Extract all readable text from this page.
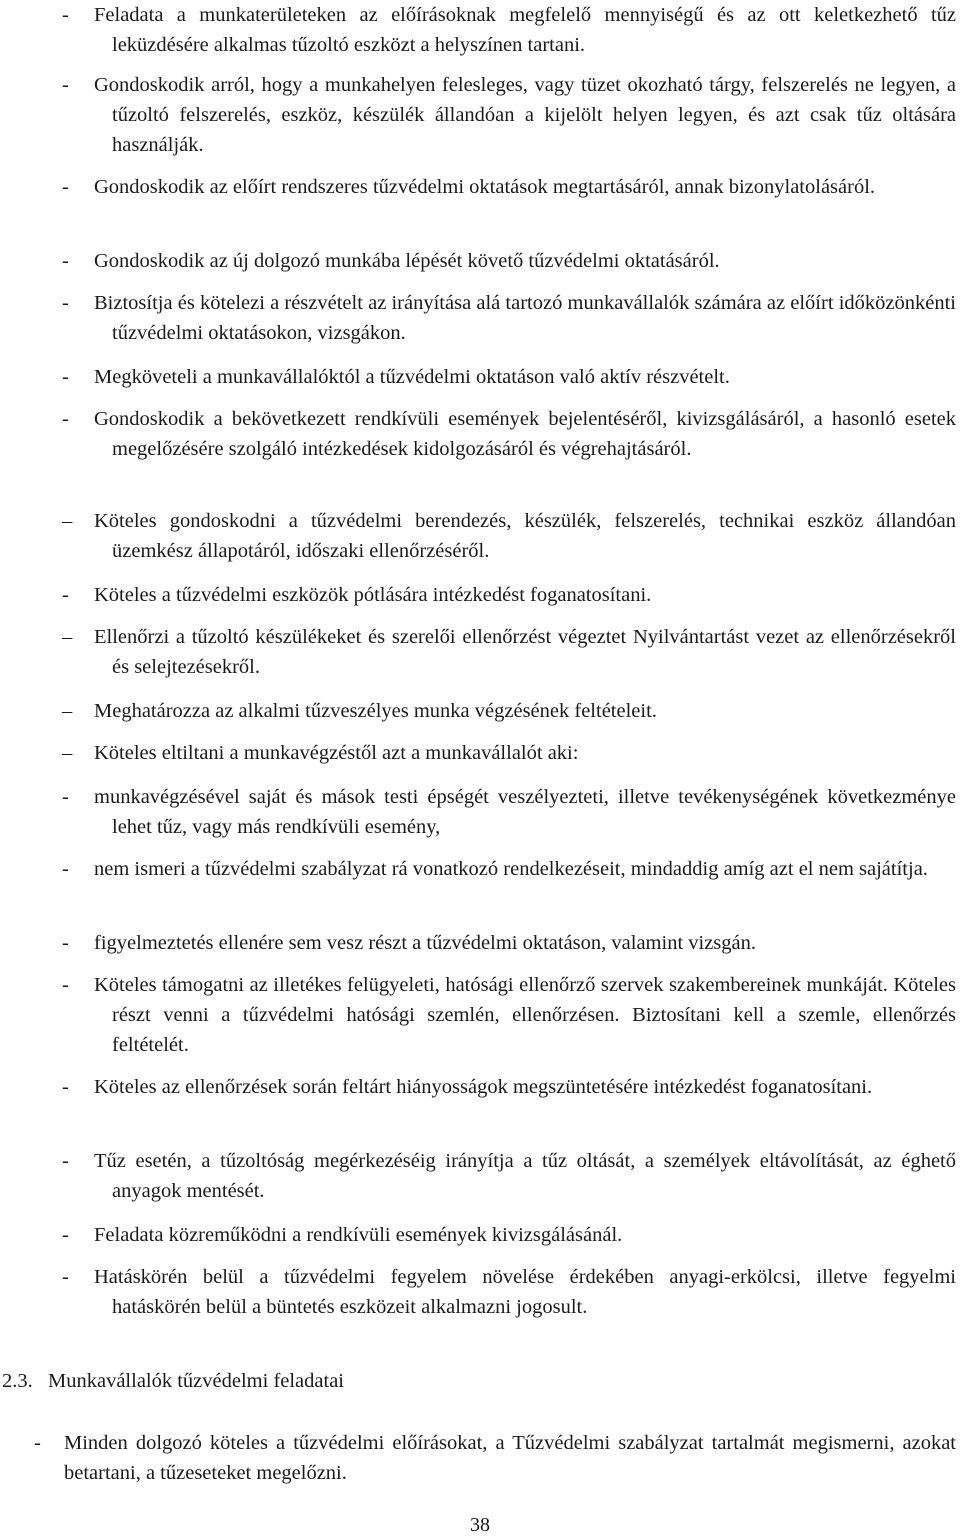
- Feladata a munkaterületeken az előírásoknak megfelelő mennyiségű és az ott keletkezhető tűz leküzdésére alkalmas tűzoltó eszközt a helyszínen tartani.
- Gondoskodik arról, hogy a munkahelyen felesleges, vagy tüzet okozható tárgy, felszerelés ne legyen, a tűzoltó felszerelés, eszköz, készülék állandóan a kijelölt helyen legyen, és azt csak tűz oltására használják.
- Gondoskodik az előírt rendszeres tűzvédelmi oktatások megtartásáról, annak bizonylatolásáról.
- Gondoskodik az új dolgozó munkába lépését követő tűzvédelmi oktatásáról.
- Biztosítja és kötelezi a részvételt az irányítása alá tartozó munkavállalók számára az előírt időközönkénti tűzvédelmi oktatásokon, vizsgákon.
- Megköveteli a munkavállalóktól a tűzvédelmi oktatáson való aktív részvételt.
- Gondoskodik a bekövetkezett rendkívüli események bejelentéséről, kivizsgálásáról, a hasonló esetek megelőzésére szolgáló intézkedések kidolgozásáról és végrehajtásáról.
– Köteles gondoskodni a tűzvédelmi berendezés, készülék, felszerelés, technikai eszköz állandóan üzemkész állapotáról, időszaki ellenőrzéséről.
- Köteles a tűzvédelmi eszközök pótlására intézkedést foganatosítani.
– Ellenőrzi a tűzoltó készülékeket és szerelői ellenőrzést végeztet Nyilvántartást vezet az ellenőrzésekről és selejtezésekről.
– Meghatározza az alkalmi tűzveszélyes munka végzésének feltételeit.
– Köteles eltiltani a munkavégzéstől azt a munkavállalót aki:
- munkavégzésével saját és mások testi épségét veszélyezteti, illetve tevékenységének következménye lehet tűz, vagy más rendkívüli esemény,
- nem ismeri a tűzvédelmi szabályzat rá vonatkozó rendelkezéseit, mindaddig amíg azt el nem sajátítja.
- figyelmeztetés ellenére sem vesz részt a tűzvédelmi oktatáson, valamint vizsgán.
- Köteles támogatni az illetékes felügyeleti, hatósági ellenőrző szervek szakembereinek munkáját. Köteles részt venni a tűzvédelmi hatósági szemlén, ellenőrzésen. Biztosítani kell a szemle, ellenőrzés feltételét.
- Köteles az ellenőrzések során feltárt hiányosságok megszüntetésére intézkedést foganatosítani.
- Tűz esetén, a tűzoltóság megérkezéséig irányítja a tűz oltását, a személyek eltávolítását, az éghető anyagok mentését.
- Feladata közreműködni a rendkívüli események kivizsgálásánál.
- Hatáskörén belül a tűzvédelmi fegyelem növelése érdekében anyagi-erkölcsi, illetve fegyelmi hatáskörén belül a büntetés eszközeit alkalmazni jogosult.
2.3. Munkavállalók tűzvédelmi feladatai
- Minden dolgozó köteles a tűzvédelmi előírásokat, a Tűzvédelmi szabályzat tartalmát megismerni, azokat betartani, a tűzeseteket megelőzni.
38
